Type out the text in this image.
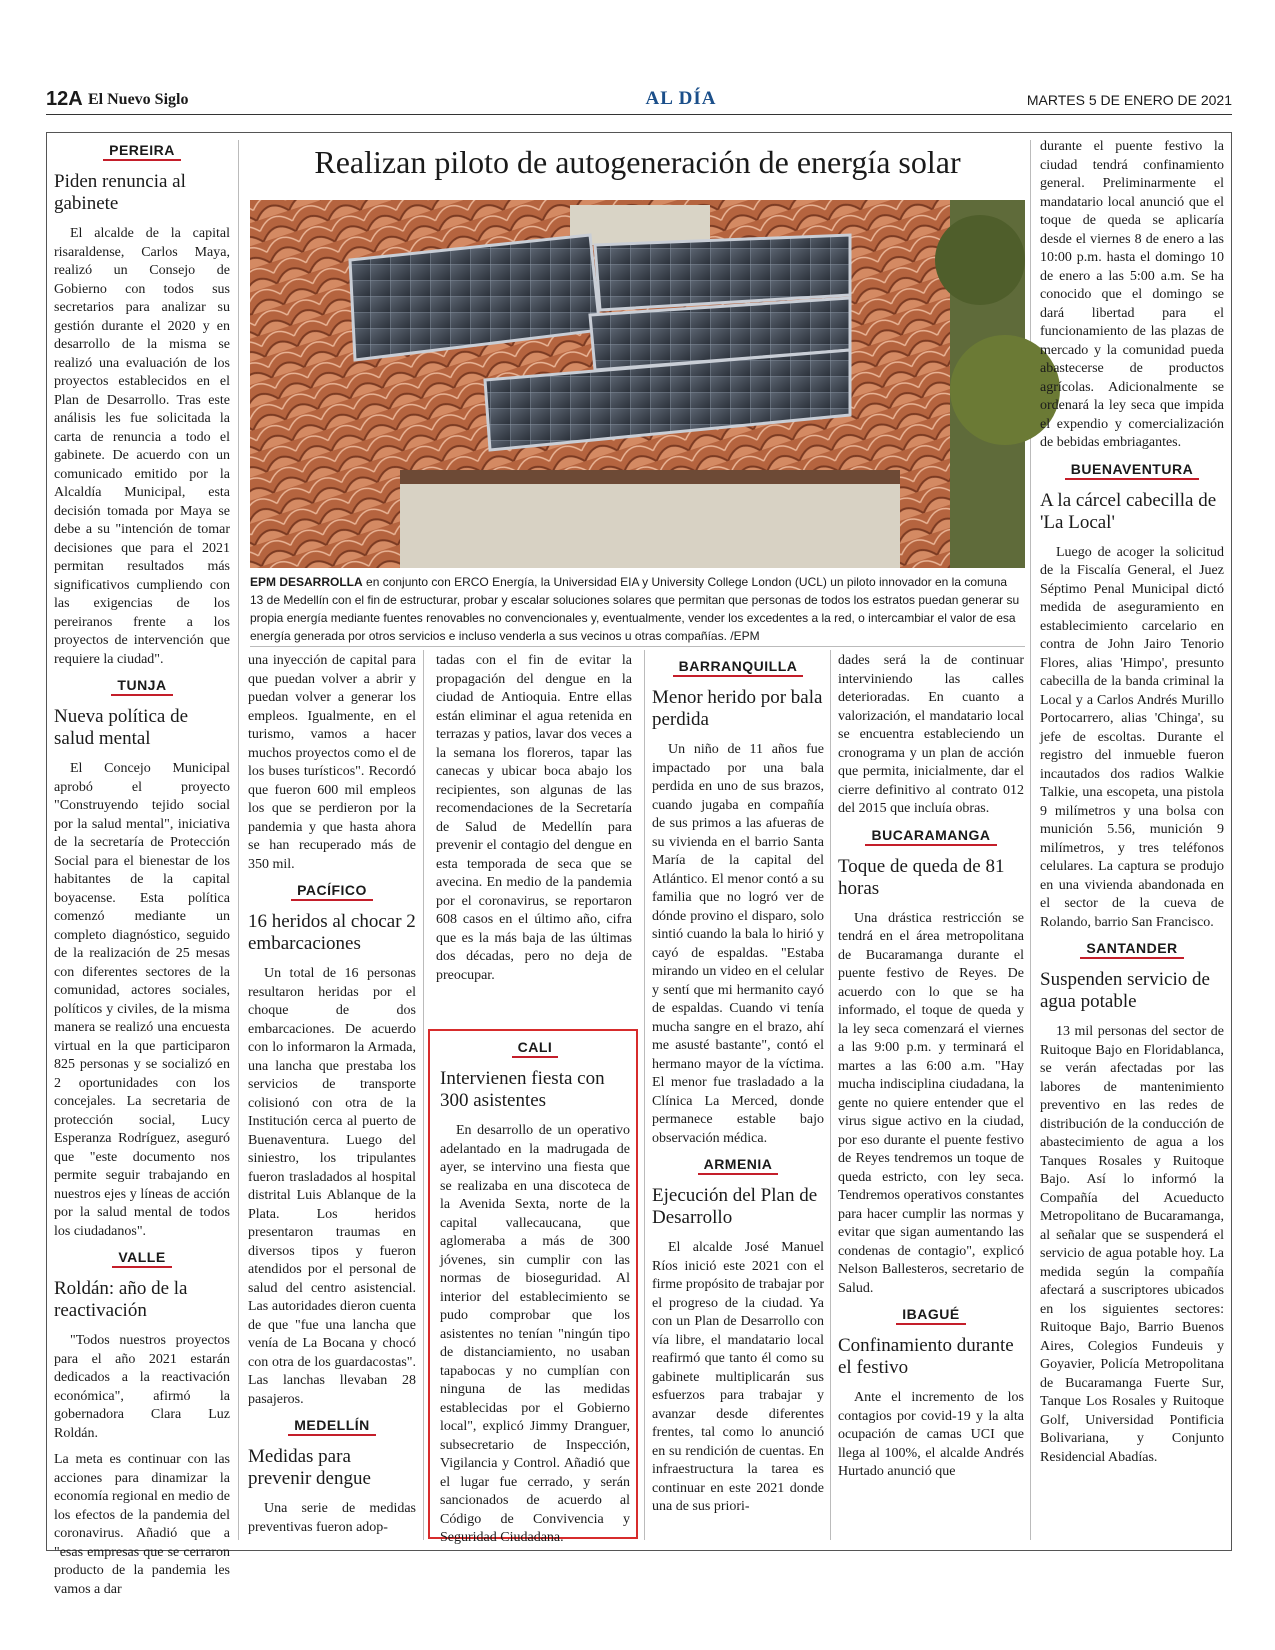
12A El Nuevo Siglo	AL DÍA	MARTES 5 DE ENERO DE 2021
Realizan piloto de autogeneración de energía solar
EPM DESARROLLA en conjunto con ERCO Energía, la Universidad EIA y University College London (UCL) un piloto innovador en la comuna 13 de Medellín con el fin de estructurar, probar y escalar soluciones solares que permitan que personas de todos los estratos puedan generar su propia energía mediante fuentes renovables no convencionales y, eventualmente, vender los excedentes a la red, o intercambiar el valor de esa energía generada por otros servicios e incluso venderla a sus vecinos u otras compañías. /EPM
PEREIRA
Piden renuncia al gabinete

El alcalde de la capital risaraldense, Carlos Maya, realizó un Consejo de Gobierno con todos sus secretarios para analizar su gestión durante el 2020 y en desarrollo de la misma se realizó una evaluación de los proyectos establecidos en el Plan de Desarrollo. Tras este análisis les fue solicitada la carta de renuncia a todo el gabinete. De acuerdo con un comunicado emitido por la Alcaldía Municipal, esta decisión tomada por Maya se debe a su "intención de tomar decisiones que para el 2021 permitan resultados más significativos cumpliendo con las exigencias de los pereiranos frente a los proyectos de intervención que requiere la ciudad".

TUNJA
Nueva política de salud mental

El Concejo Municipal aprobó el proyecto "Construyendo tejido social por la salud mental", iniciativa de la secretaría de Protección Social para el bienestar de los habitantes de la capital boyacense. Esta política comenzó mediante un completo diagnóstico, seguido de la realización de 25 mesas con diferentes sectores de la comunidad, actores sociales, políticos y civiles, de la misma manera se realizó una encuesta virtual en la que participaron 825 personas y se socializó en 2 oportunidades con los concejales. La secretaria de protección social, Lucy Esperanza Rodríguez, aseguró que "este documento nos permite seguir trabajando en nuestros ejes y líneas de acción por la salud mental de todos los ciudadanos".

VALLE
Roldán: año de la reactivación

"Todos nuestros proyectos para el año 2021 estarán dedicados a la reactivación económica", afirmó la gobernadora Clara Luz Roldán.

La meta es continuar con las acciones para dinamizar la economía regional en medio de los efectos de la pandemia del coronavirus. Añadió que a "esas empresas que se cerraron producto de la pandemia les vamos a dar

una inyección de capital para que puedan volver a abrir y puedan volver a generar los empleos. Igualmente, en el turismo, vamos a hacer muchos proyectos como el de los buses turísticos". Recordó que fueron 600 mil empleos los que se perdieron por la pandemia y que hasta ahora se han recuperado más de 350 mil.

PACÍFICO
16 heridos al chocar 2 embarcaciones

Un total de 16 personas resultaron heridas por el choque de dos embarcaciones. De acuerdo con lo informaron la Armada, una lancha que prestaba los servicios de transporte colisionó con otra de la Institución cerca al puerto de Buenaventura. Luego del siniestro, los tripulantes fueron trasladados al hospital distrital Luis Ablanque de la Plata. Los heridos presentaron traumas en diversos tipos y fueron atendidos por el personal de salud del centro asistencial. Las autoridades dieron cuenta de que "fue una lancha que venía de La Bocana y chocó con otra de los guardacostas". Las lanchas llevaban 28 pasajeros.

MEDELLÍN
Medidas para prevenir dengue

Una serie de medidas preventivas fueron adop-

tadas con el fin de evitar la propagación del dengue en la ciudad de Antioquia. Entre ellas están eliminar el agua retenida en terrazas y patios, lavar dos veces a la semana los floreros, tapar las canecas y ubicar boca abajo los recipientes, son algunas de las recomendaciones de la Secretaría de Salud de Medellín para prevenir el contagio del dengue en esta temporada de seca que se avecina. En medio de la pandemia por el coronavirus, se reportaron 608 casos en el último año, cifra que es la más baja de las últimas dos décadas, pero no deja de preocupar.

CALI
Intervienen fiesta con 300 asistentes

En desarrollo de un operativo adelantado en la madrugada de ayer, se intervino una fiesta que se realizaba en una discoteca de la Avenida Sexta, norte de la capital vallecaucana, que aglomeraba a más de 300 jóvenes, sin cumplir con las normas de bioseguridad. Al interior del establecimiento se pudo comprobar que los asistentes no tenían "ningún tipo de distanciamiento, no usaban tapabocas y no cumplían con ninguna de las medidas establecidas por el Gobierno local", explicó Jimmy Dranguer, subsecretario de Inspección, Vigilancia y Control. Añadió que el lugar fue cerrado, y serán sancionados de acuerdo al Código de Convivencia y Seguridad Ciudadana.

BARRANQUILLA
Menor herido por bala perdida

Un niño de 11 años fue impactado por una bala perdida en uno de sus brazos, cuando jugaba en compañía de sus primos a las afueras de su vivienda en el barrio Santa María de la capital del Atlántico. El menor contó a su familia que no logró ver de dónde provino el disparo, solo sintió cuando la bala lo hirió y cayó de espaldas. "Estaba mirando un video en el celular y sentí que mi hermanito cayó de espaldas. Cuando vi tenía mucha sangre en el brazo, ahí me asusté bastante", contó el hermano mayor de la víctima. El menor fue trasladado a la Clínica La Merced, donde permanece estable bajo observación médica.

ARMENIA
Ejecución del Plan de Desarrollo

El alcalde José Manuel Ríos inició este 2021 con el firme propósito de trabajar por el progreso de la ciudad. Ya con un Plan de Desarrollo con vía libre, el mandatario local reafirmó que tanto él como su gabinete multiplicarán sus esfuerzos para trabajar y avanzar desde diferentes frentes, tal como lo anunció en su rendición de cuentas. En infraestructura la tarea es continuar en este 2021 donde una de sus priori-

dades será la de continuar interviniendo las calles deterioradas. En cuanto a valorización, el mandatario local se encuentra estableciendo un cronograma y un plan de acción que permita, inicialmente, dar el cierre definitivo al contrato 012 del 2015 que incluía obras.

BUCARAMANGA
Toque de queda de 81 horas

Una drástica restricción se tendrá en el área metropolitana de Bucaramanga durante el puente festivo de Reyes. De acuerdo con lo que se ha informado, el toque de queda y la ley seca comenzará el viernes a las 9:00 p.m. y terminará el martes a las 6:00 a.m. "Hay mucha indisciplina ciudadana, la gente no quiere entender que el virus sigue activo en la ciudad, por eso durante el puente festivo de Reyes tendremos un toque de queda estricto, con ley seca. Tendremos operativos constantes para hacer cumplir las normas y evitar que sigan aumentando las condenas de contagio", explicó Nelson Ballesteros, secretario de Salud.

IBAGUÉ
Confinamiento durante el festivo

Ante el incremento de los contagios por covid-19 y la alta ocupación de camas UCI que llega al 100%, el alcalde Andrés Hurtado anunció que

durante el puente festivo la ciudad tendrá confinamiento general. Preliminarmente el mandatario local anunció que el toque de queda se aplicaría desde el viernes 8 de enero a las 10:00 p.m. hasta el domingo 10 de enero a las 5:00 a.m. Se ha conocido que el domingo se dará libertad para el funcionamiento de las plazas de mercado y la comunidad pueda abastecerse de productos agrícolas. Adicionalmente se ordenará la ley seca que impida el expendio y comercialización de bebidas embriagantes.

BUENAVENTURA
A la cárcel cabecilla de 'La Local'

Luego de acoger la solicitud de la Fiscalía General, el Juez Séptimo Penal Municipal dictó medida de aseguramiento en establecimiento carcelario en contra de John Jairo Tenorio Flores, alias 'Himpo', presunto cabecilla de la banda criminal la Local y a Carlos Andrés Murillo Portocarrero, alias 'Chinga', su jefe de escoltas. Durante el registro del inmueble fueron incautados dos radios Walkie Talkie, una escopeta, una pistola 9 milímetros y una bolsa con munición 5.56, munición 9 milímetros, y tres teléfonos celulares. La captura se produjo en una vivienda abandonada en el sector de la cueva de Rolando, barrio San Francisco.

SANTANDER
Suspenden servicio de agua potable

13 mil personas del sector de Ruitoque Bajo en Floridablanca, se verán afectadas por las labores de mantenimiento preventivo en las redes de distribución de la conducción de abastecimiento de agua a los Tanques Rosales y Ruitoque Bajo. Así lo informó la Compañía del Acueducto Metropolitano de Bucaramanga, al señalar que se suspenderá el servicio de agua potable hoy. La medida según la compañía afectará a suscriptores ubicados en los siguientes sectores: Ruitoque Bajo, Barrio Buenos Aires, Colegios Fundeuis y Goyavier, Policía Metropolitana de Bucaramanga Fuerte Sur, Tanque Los Rosales y Ruitoque Golf, Universidad Pontificia Bolivariana, y Conjunto Residencial Abadías.
